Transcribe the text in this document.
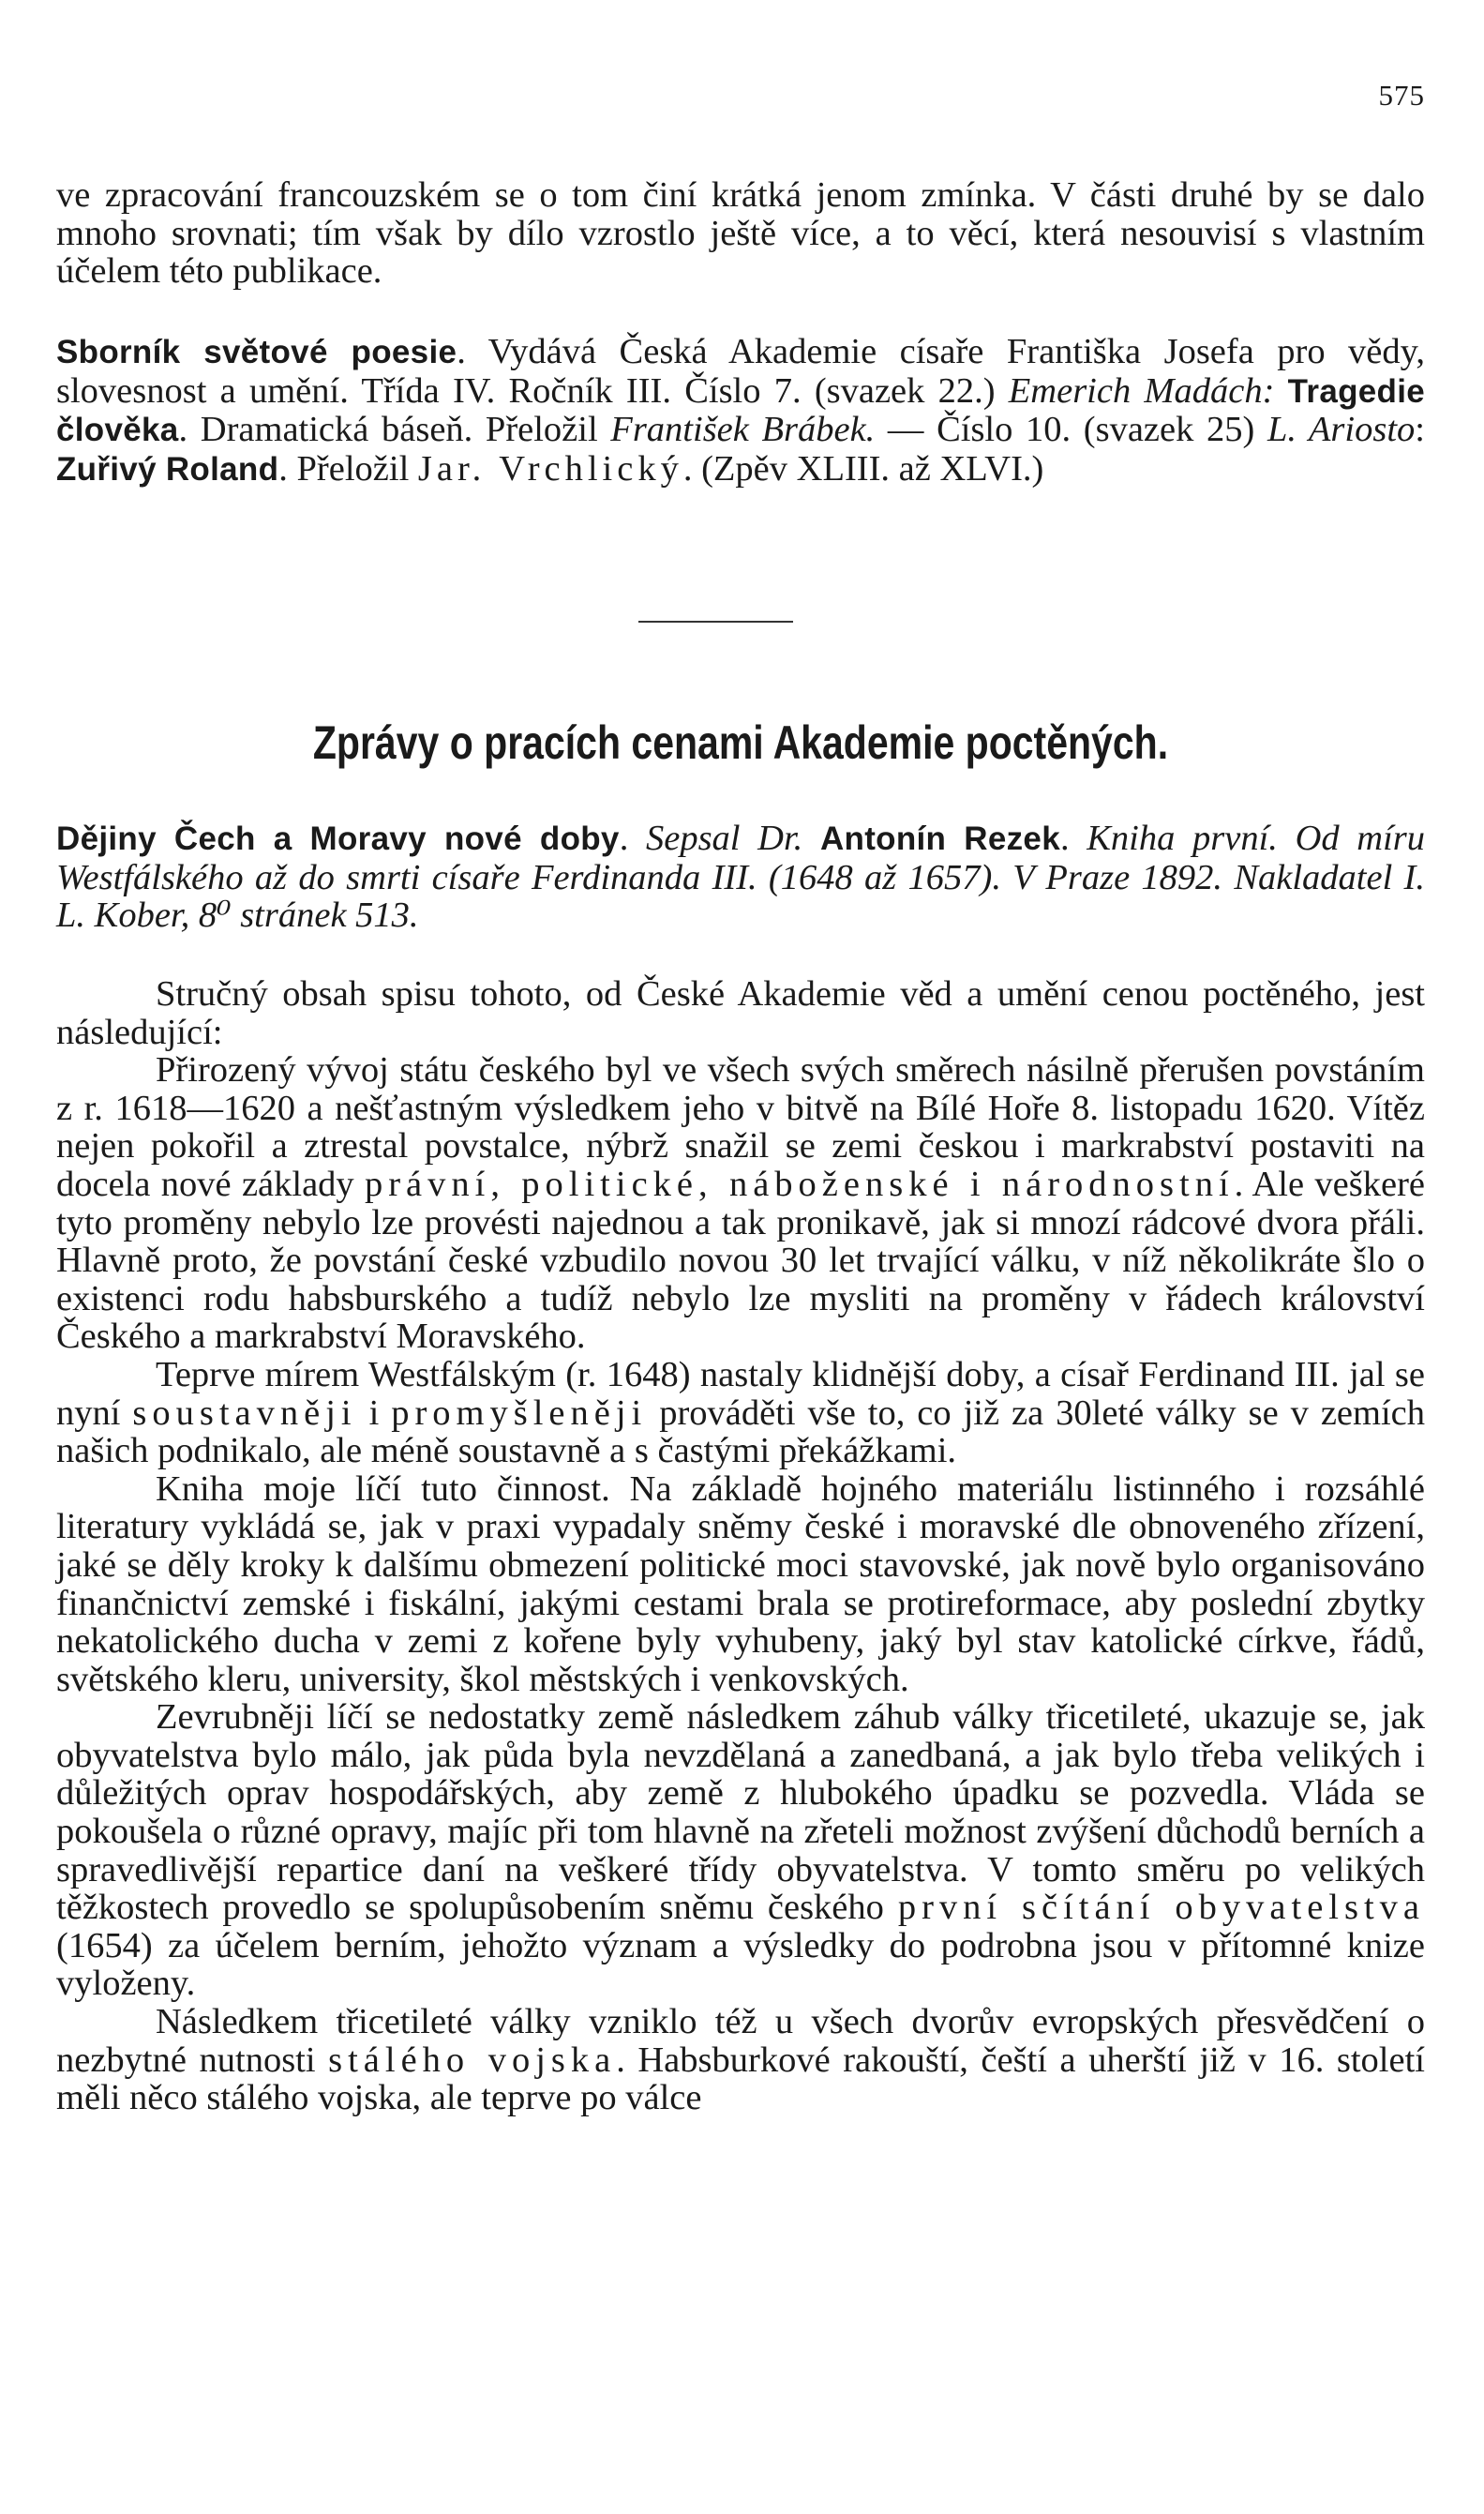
575

ve zpracování francouzském se o tom činí krátká jenom zmínka. V části druhé by se dalo mnoho srovnati; tím však by dílo vzrostlo ještě více, a to věcí, která nesouvisí s vlastním účelem této publikace.

Sborník světové poesie. Vydává Česká Akademie císaře Františka Josefa pro vědy, slovesnost a umění. Třída IV. Ročník III. Číslo 7. (svazek 22.) Emerich Madách: Tragedie člověka. Dramatická báseň. Přeložil František Brábek. — Číslo 10. (svazek 25) L. Ariosto: Zuřivý Roland. Přeložil Jar. Vrchlický. (Zpěv XLIII. až XLVI.)

Zprávy o pracích cenami Akademie poctěných.

Dějiny Čech a Moravy nové doby. Sepsal Dr. Antonín Rezek. Kniha první. Od míru Westfálského až do smrti císaře Ferdinanda III. (1648 až 1657). V Praze 1892. Nakladatel I. L. Kober, 8⁰ stránek 513.

Stručný obsah spisu tohoto, od České Akademie věd a umění cenou poctěného, jest následující:

Přirozený vývoj státu českého byl ve všech svých směrech násilně přerušen povstáním z r. 1618—1620 a nešťastným výsledkem jeho v bitvě na Bílé Hoře 8. listopadu 1620. Vítěz nejen pokořil a ztrestal povstalce, nýbrž snažil se zemi českou i markrabství postaviti na docela nové základy právní, politické, náboženské i národnostní. Ale veškeré tyto proměny nebylo lze provésti najednou a tak pronikavě, jak si mnozí rádcové dvora přáli. Hlavně proto, že povstání české vzbudilo novou 30 let trvající válku, v níž několikráte šlo o existenci rodu habsburského a tudíž nebylo lze mysliti na proměny v řádech království Českého a markrabství Moravského.

Teprve mírem Westfálským (r. 1648) nastaly klidnější doby, a císař Ferdinand III. jal se nyní soustavněji i promyšleněji prováděti vše to, co již za 30leté války se v zemích našich podnikalo, ale méně soustavně a s častými překážkami.

Kniha moje líčí tuto činnost. Na základě hojného materiálu listinného i rozsáhlé literatury vykládá se, jak v praxi vypadaly sněmy české i moravské dle obnoveného zřízení, jaké se děly kroky k dalšímu obmezení politické moci stavovské, jak nově bylo organisováno finančnictví zemské i fiskální, jakými cestami brala se protireformace, aby poslední zbytky nekatolického ducha v zemi z kořene byly vyhubeny, jaký byl stav katolické církve, řádů, světského kleru, university, škol městských i venkovských.

Zevrubněji líčí se nedostatky země následkem záhub války třicetileté, ukazuje se, jak obyvatelstva bylo málo, jak půda byla nevzdělaná a zanedbaná, a jak bylo třeba velikých i důležitých oprav hospodářských, aby země z hlubokého úpadku se pozvedla. Vláda se pokoušela o různé opravy, majíc při tom hlavně na zřeteli možnost zvýšení důchodů berních a spravedlivější repartice daní na veškeré třídy obyvatelstva. V tomto směru po velikých těžkostech provedlo se spolupůsobením sněmu českého první sčítání obyvatelstva (1654) za účelem berním, jehožto význam a výsledky do podrobna jsou v přítomné knize vyloženy.

Následkem třicetileté války vzniklo též u všech dvorův evropských přesvědčení o nezbytné nutnosti stálého vojska. Habsburkové rakouští, čeští a uherští již v 16. století měli něco stálého vojska, ale teprve po válce
